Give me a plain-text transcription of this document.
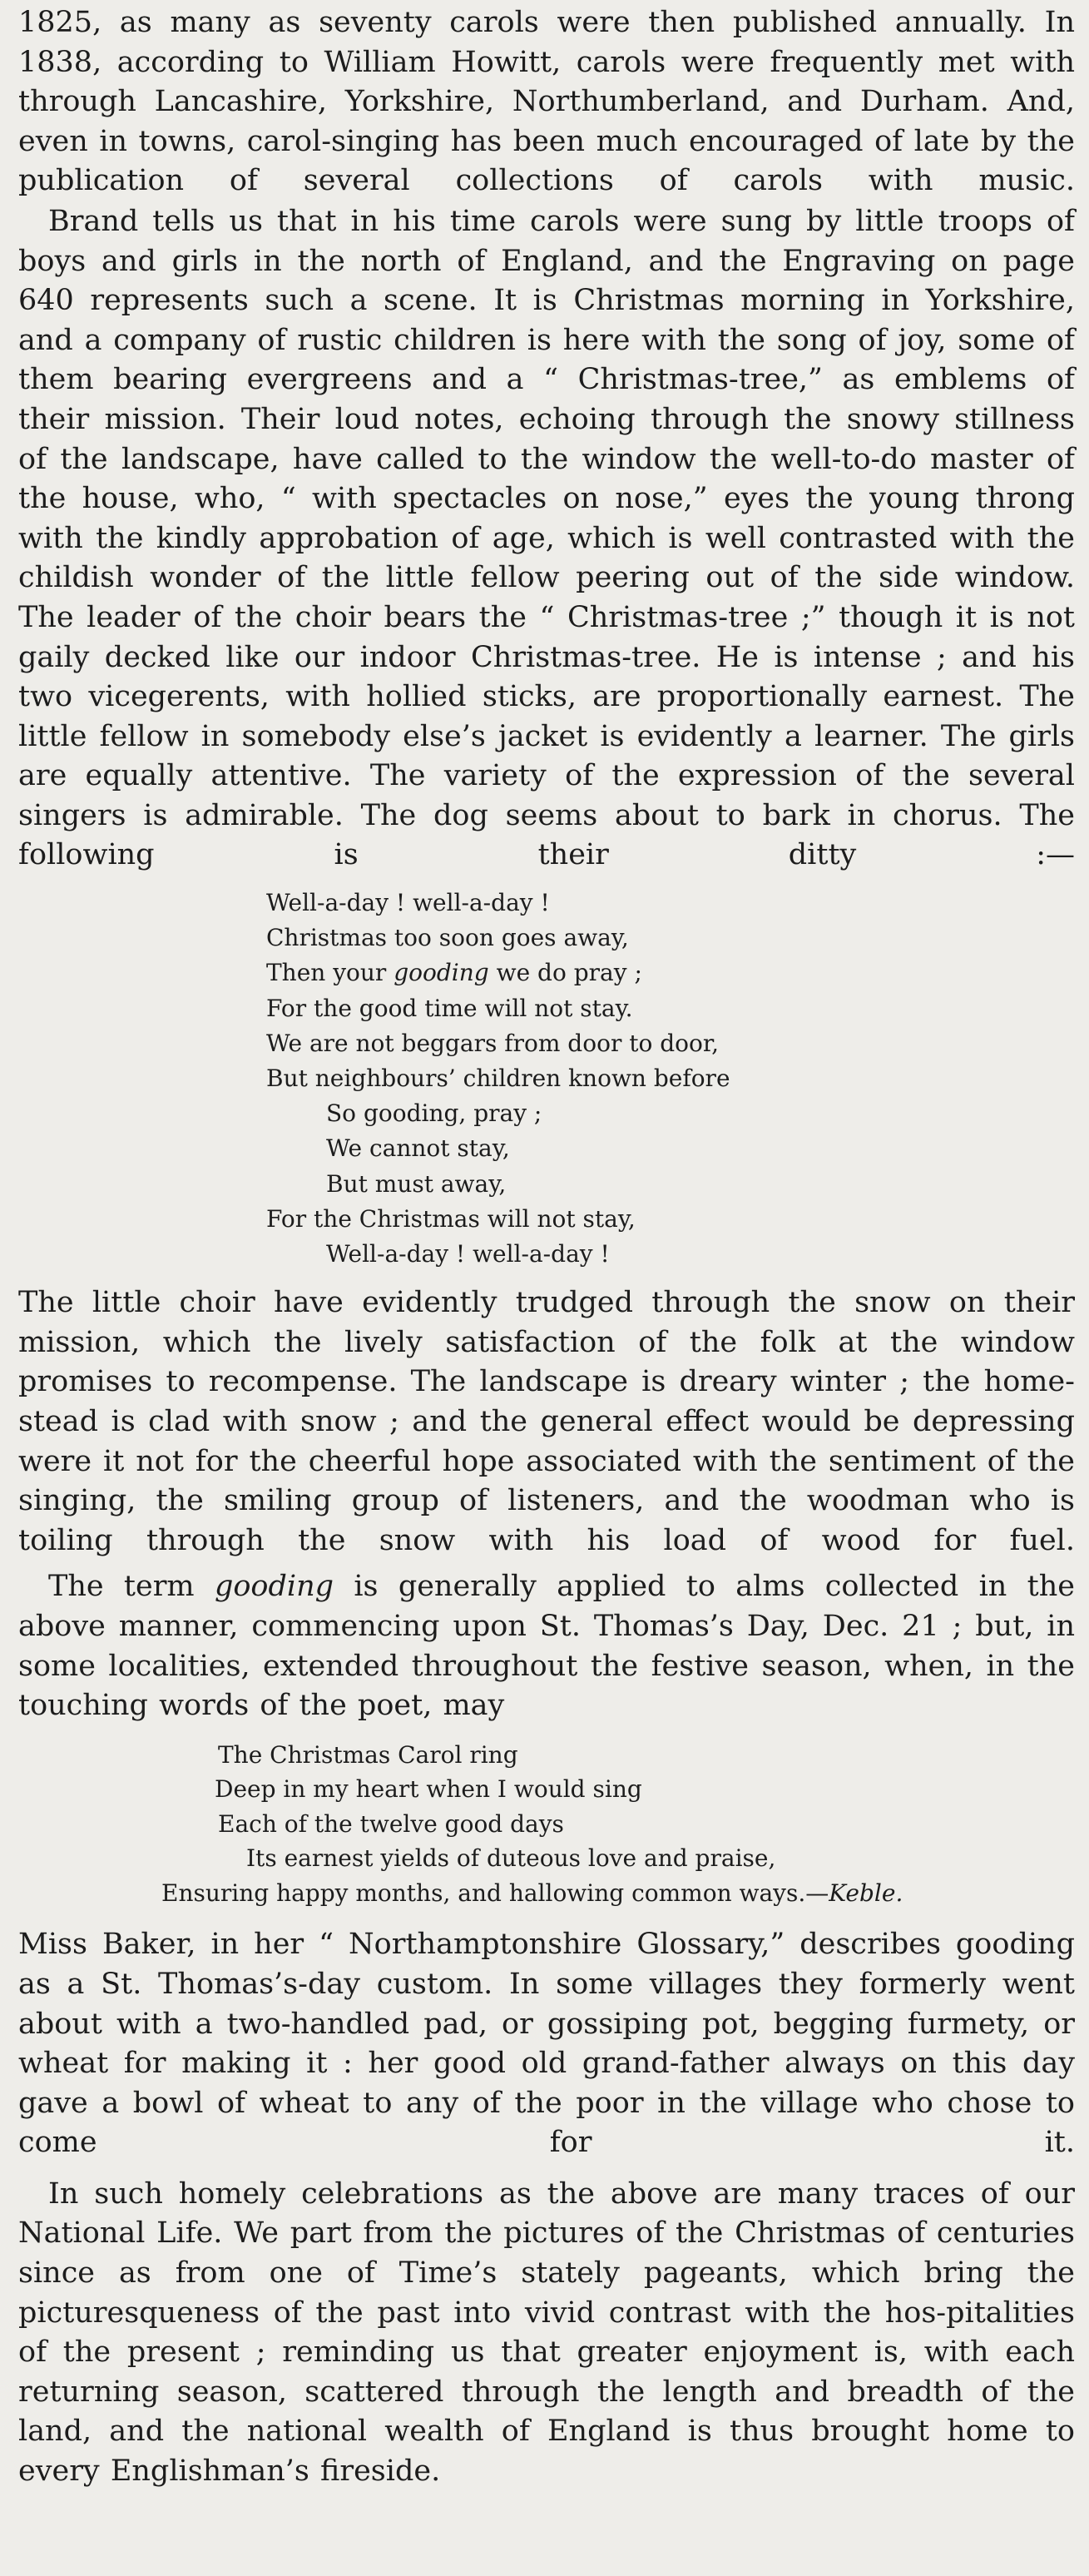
1825, as many as seventy carols were then published annually. In 1838, according to William Howitt, carols were frequently met with through Lancashire, Yorkshire, Northumberland, and Durham. And, even in towns, carol-singing has been much encouraged of late by the publication of several collections of carols with music.

Brand tells us that in his time carols were sung by little troops of boys and girls in the north of England, and the Engraving on page 640 represents such a scene. It is Christmas morning in Yorkshire, and a company of rustic children is here with the song of joy, some of them bearing evergreens and a “ Christmas-tree,” as emblems of their mission. Their loud notes, echoing through the snowy stillness of the landscape, have called to the window the well-to-do master of the house, who, “ with spectacles on nose,” eyes the young throng with the kindly approbation of age, which is well contrasted with the childish wonder of the little fellow peering out of the side window. The leader of the choir bears the “ Christmas-tree ;” though it is not gaily decked like our indoor Christmas-tree. He is intense ; and his two vicegerents, with hollied sticks, are proportionally earnest. The little fellow in somebody else’s jacket is evidently a learner. The girls are equally attentive. The variety of the expression of the several singers is admirable. The dog seems about to bark in chorus. The following is their ditty :—

Well-a-day ! well-a-day !
Christmas too soon goes away,
Then your gooding we do pray ;
For the good time will not stay.
We are not beggars from door to door,
But neighbours’ children known before
So gooding, pray ;
We cannot stay,
But must away,
For the Christmas will not stay,
Well-a-day ! well-a-day !

The little choir have evidently trudged through the snow on their mission, which the lively satisfaction of the folk at the window promises to recompense. The landscape is dreary winter ; the home-stead is clad with snow ; and the general effect would be depressing were it not for the cheerful hope associated with the sentiment of the singing, the smiling group of listeners, and the woodman who is toiling through the snow with his load of wood for fuel.

The term gooding is generally applied to alms collected in the above manner, commencing upon St. Thomas’s Day, Dec. 21 ; but, in some localities, extended throughout the festive season, when, in the touching words of the poet, may

The Christmas Carol ring
Deep in my heart when I would sing
Each of the twelve good days
Its earnest yields of duteous love and praise,
Ensuring happy months, and hallowing common ways.—Keble.

Miss Baker, in her “ Northamptonshire Glossary,” describes gooding as a St. Thomas’s-day custom. In some villages they formerly went about with a two-handled pad, or gossiping pot, begging furmety, or wheat for making it : her good old grand-father always on this day gave a bowl of wheat to any of the poor in the village who chose to come for it.

In such homely celebrations as the above are many traces of our National Life. We part from the pictures of the Christmas of centuries since as from one of Time’s stately pageants, which bring the picturesqueness of the past into vivid contrast with the hos-pitalities of the present ; reminding us that greater enjoyment is, with each returning season, scattered through the length and breadth of the land, and the national wealth of England is thus brought home to every Englishman’s fireside.
